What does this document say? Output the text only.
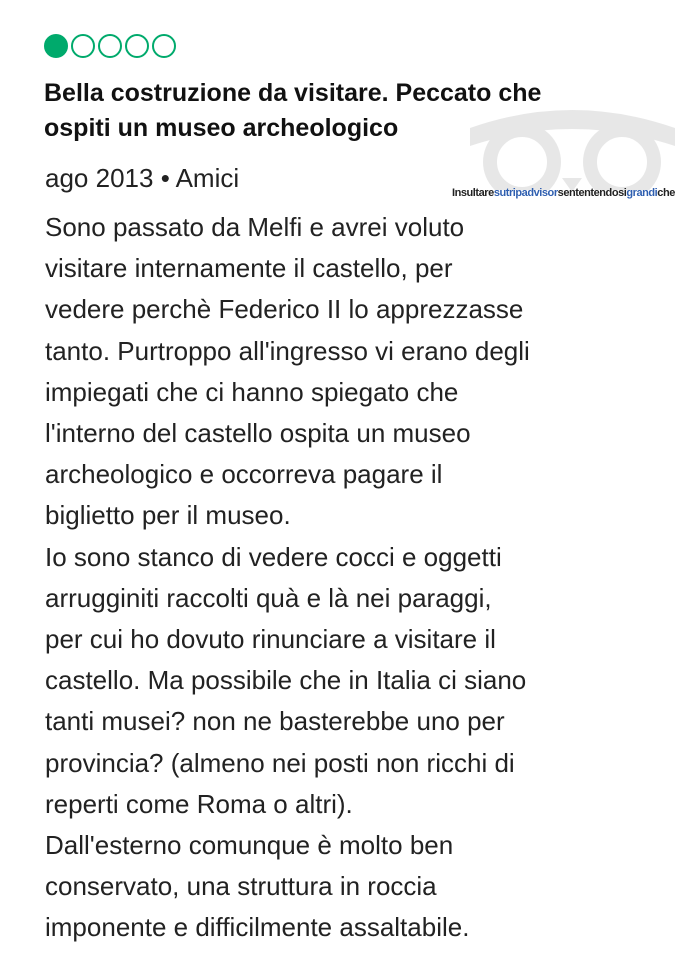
Insultaresutripadvisorsententendosigrandiche
Bella costruzione da visitare. Peccato che
ospiti un museo archeologico
ago 2013 • Amici
Sono passato da Melfi e avrei voluto
visitare internamente il castello, per
vedere perchè Federico II lo apprezzasse
tanto. Purtroppo all'ingresso vi erano degli
impiegati che ci hanno spiegato che
l'interno del castello ospita un museo
archeologico e occorreva pagare il
biglietto per il museo.
Io sono stanco di vedere cocci e oggetti
arrugginiti raccolti quà e là nei paraggi,
per cui ho dovuto rinunciare a visitare il
castello. Ma possibile che in Italia ci siano
tanti musei? non ne basterebbe uno per
provincia? (almeno nei posti non ricchi di
reperti come Roma o altri).
Dall'esterno comunque è molto ben
conservato, una struttura in roccia
imponente e difficilmente assaltabile.
